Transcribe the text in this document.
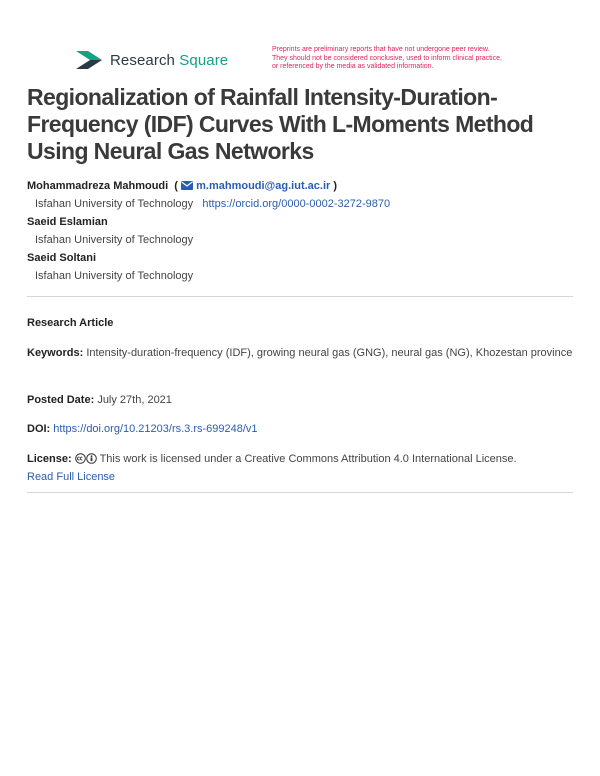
Research Square
Preprints are preliminary reports that have not undergone peer review.
They should not be considered conclusive, used to inform clinical practice,
or referenced by the media as validated information.
Regionalization of Rainfall Intensity-Duration-
Frequency (IDF) Curves With L-Moments Method
Using Neural Gas Networks
Mohammadreza Mahmoudi  ( m.mahmoudi@ag.iut.ac.ir )
Isfahan University of Technology https://orcid.org/0000-0002-3272-9870
Saeid Eslamian
Isfahan University of Technology
Saeid Soltani
Isfahan University of Technology
Research Article
Keywords: Intensity-duration-frequency (IDF), growing neural gas (GNG), neural gas (NG), Khozestan province
Posted Date: July 27th, 2021
DOI: https://doi.org/10.21203/rs.3.rs-699248/v1
License:	This work is licensed under a Creative Commons Attribution 4.0 International License.
Read Full License
